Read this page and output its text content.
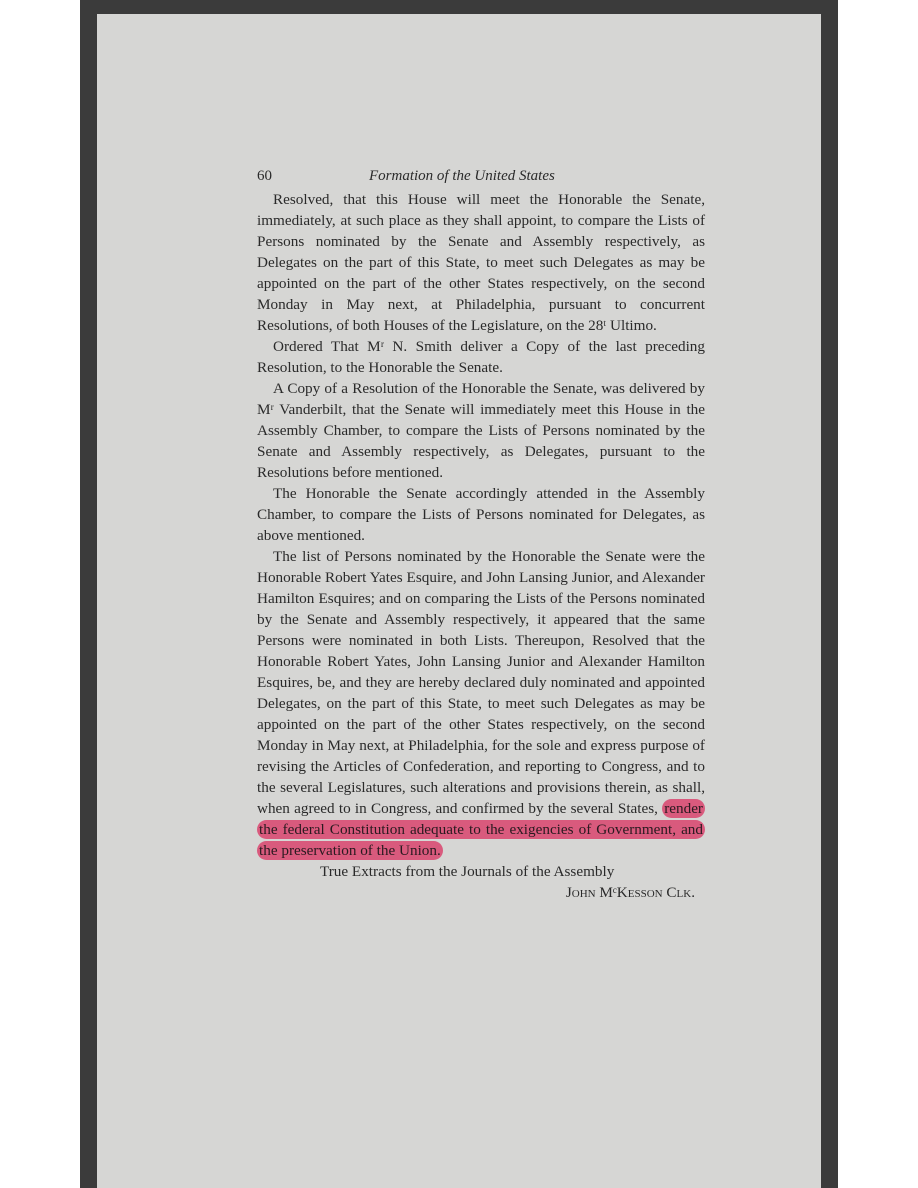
60	Formation of the United States

Resolved, that this House will meet the Honorable the Senate, immediately, at such place as they shall appoint, to compare the Lists of Persons nominated by the Senate and Assembly respectively, as Delegates on the part of this State, to meet such Delegates as may be appointed on the part of the other States respectively, on the second Monday in May next, at Philadelphia, pursuant to concurrent Resolutions, of both Houses of the Legislature, on the 28ᵗ Ultimo.

Ordered That Mʳ N. Smith deliver a Copy of the last preceding Resolution, to the Honorable the Senate.

A Copy of a Resolution of the Honorable the Senate, was delivered by Mʳ Vanderbilt, that the Senate will immediately meet this House in the Assembly Chamber, to compare the Lists of Persons nominated by the Senate and Assembly respectively, as Delegates, pursuant to the Resolutions before mentioned.

The Honorable the Senate accordingly attended in the Assembly Chamber, to compare the Lists of Persons nominated for Delegates, as above mentioned.

The list of Persons nominated by the Honorable the Senate were the Honorable Robert Yates Esquire, and John Lansing Junior, and Alexander Hamilton Esquires; and on comparing the Lists of the Persons nominated by the Senate and Assembly respectively, it appeared that the same Persons were nominated in both Lists. Thereupon, Resolved that the Honorable Robert Yates, John Lansing Junior and Alexander Hamilton Esquires, be, and they are hereby declared duly nominated and appointed Delegates, on the part of this State, to meet such Delegates as may be appointed on the part of the other States respectively, on the second Monday in May next, at Philadelphia, for the sole and express purpose of revising the Articles of Confederation, and reporting to Congress, and to the several Legislatures, such alterations and provisions therein, as shall, when agreed to in Congress, and confirmed by the several States, render the federal Constitution adequate to the exigencies of Government, and the preservation of the Union.

True Extracts from the Journals of the Assembly

John MᶜKesson Clk.
